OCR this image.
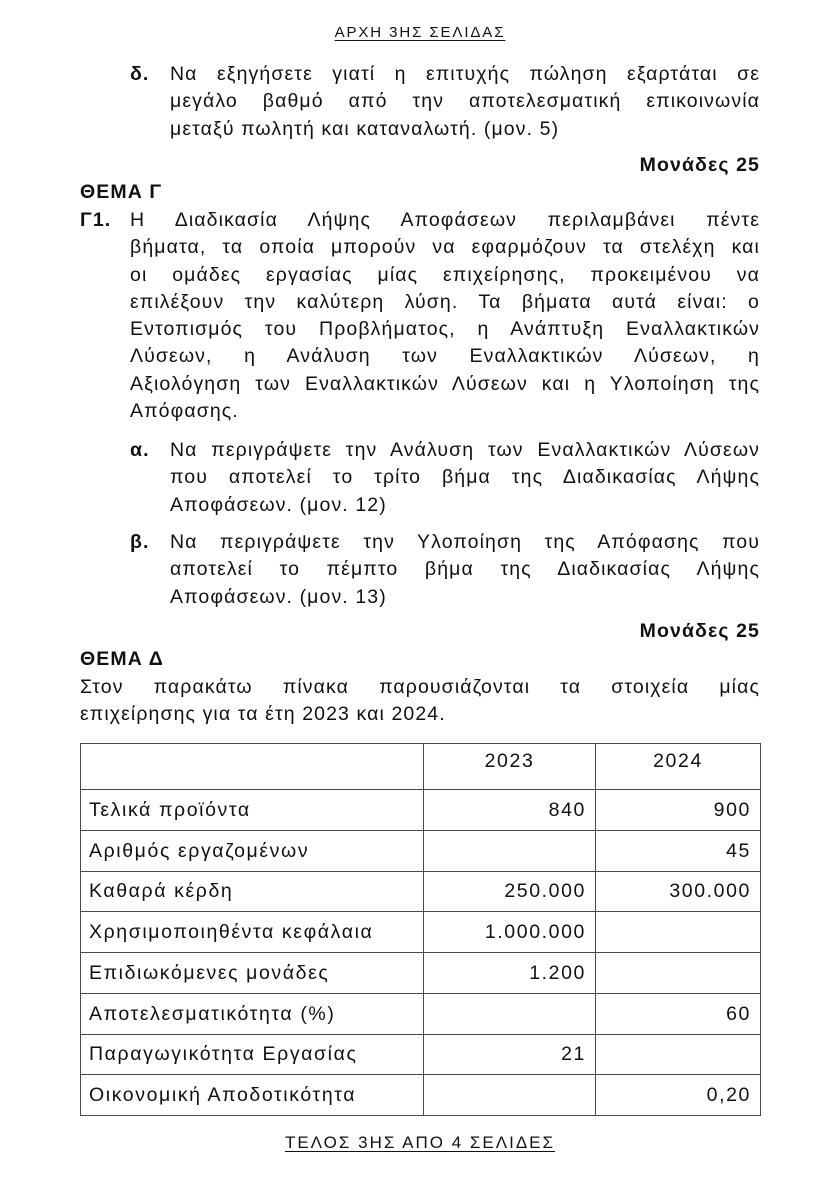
ΑΡΧΗ 3ΗΣ ΣΕΛΙΔΑΣ
δ. Να εξηγήσετε γιατί η επιτυχής πώληση εξαρτάται σε
μεγάλο βαθμό από την αποτελεσματική επικοινωνία
μεταξύ πωλητή και καταναλωτή. (μον. 5)
Μονάδες 25
ΘΕΜΑ Γ
Γ1. Η Διαδικασία Λήψης Αποφάσεων περιλαμβάνει πέντε
βήματα, τα οποία μπορούν να εφαρμόζουν τα στελέχη και
οι ομάδες εργασίας μίας επιχείρησης, προκειμένου να
επιλέξουν την καλύτερη λύση. Τα βήματα αυτά είναι: ο
Εντοπισμός του Προβλήματος, η Ανάπτυξη Εναλλακτικών
Λύσεων, η Ανάλυση των Εναλλακτικών Λύσεων, η
Αξιολόγηση των Εναλλακτικών Λύσεων και η Υλοποίηση της
Απόφασης.
α. Να περιγράψετε την Ανάλυση των Εναλλακτικών Λύσεων
που αποτελεί το τρίτο βήμα της Διαδικασίας Λήψης
Αποφάσεων. (μον. 12)
β. Να περιγράψετε την Υλοποίηση της Απόφασης που
αποτελεί το πέμπτο βήμα της Διαδικασίας Λήψης
Αποφάσεων. (μον. 13)
Μονάδες 25
ΘΕΜΑ Δ
Στον παρακάτω πίνακα παρουσιάζονται τα στοιχεία μίας
επιχείρησης για τα έτη 2023 και 2024.
	2023	2024
Τελικά προϊόντα	840	900
Αριθμός εργαζομένων		45
Καθαρά κέρδη	250.000	300.000
Χρησιμοποιηθέντα κεφάλαια	1.000.000	
Επιδιωκόμενες μονάδες	1.200	
Αποτελεσματικότητα (%)		60
Παραγωγικότητα Εργασίας	21	
Οικονομική Αποδοτικότητα		0,20
ΤΕΛΟΣ 3ΗΣ ΑΠΟ 4 ΣΕΛΙΔΕΣ
